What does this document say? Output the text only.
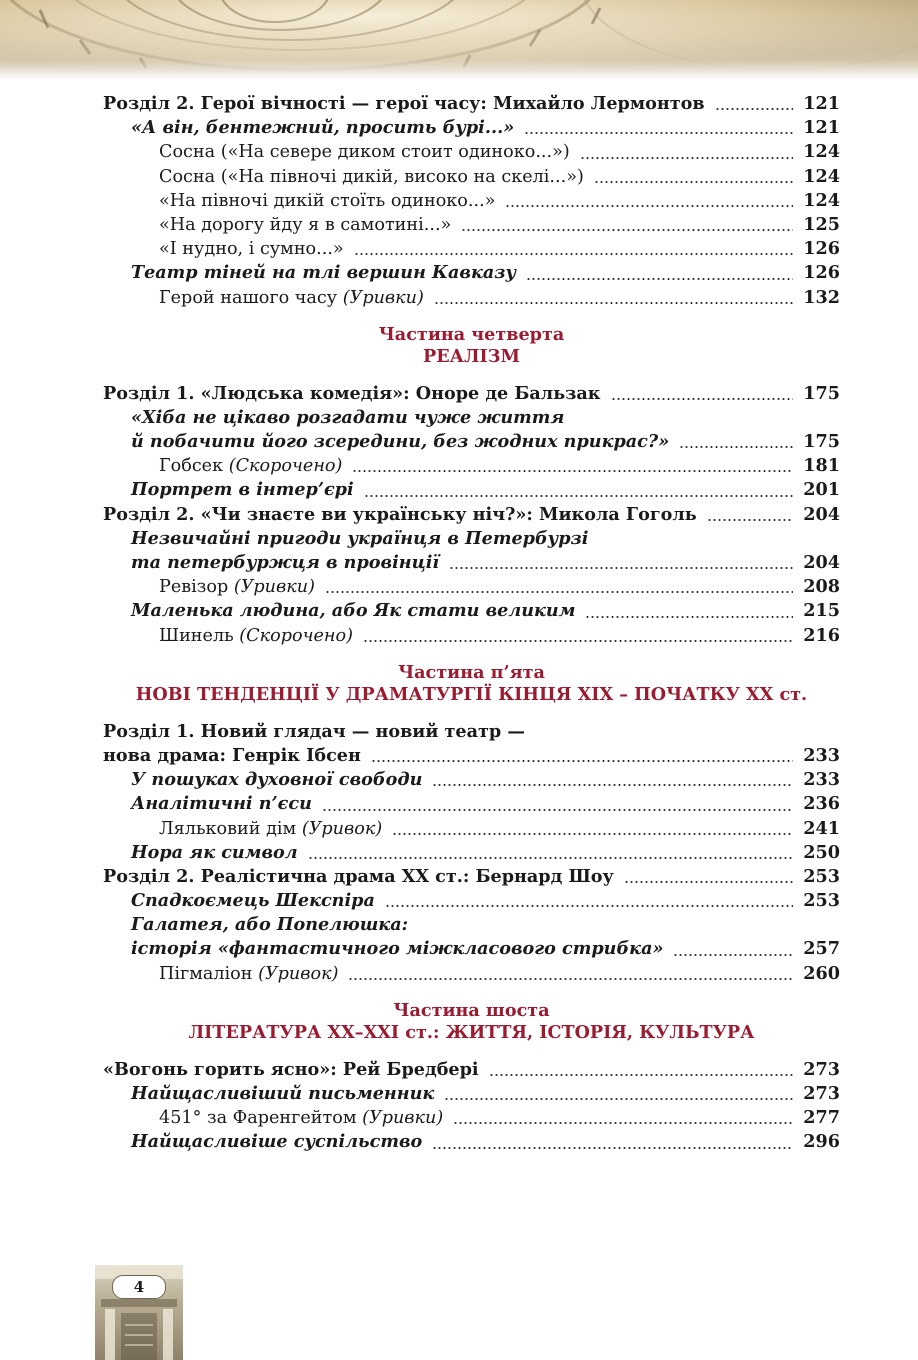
Розділ 2. Герої вічності — герої часу: Михайло Лермонтов	121
«А він, бентежний, просить бурі...»	121
Сосна («На севере диком стоит одиноко...»)	124
Сосна («На півночі дикій, високо на скелі...»)	124
«На півночі дикій стоїть одиноко...»	124
«На дорогу йду я в самотині...»	125
«І нудно, і сумно...»	126
Театр тіней на тлі вершин Кавказу	126
Герой нашого часу (Уривки)	132
Частина четверта
РЕАЛІЗМ
Розділ 1. «Людська комедія»: Оноре де Бальзак	175
«Хіба не цікаво розгадати чуже життя
й побачити його зсередини, без жодних прикрас?»	175
Гобсек (Скорочено)	181
Портрет в інтер’єрі	201
Розділ 2. «Чи знаєте ви українську ніч?»: Микола Гоголь	204
Незвичайні пригоди українця в Петербурзі
та петербуржця в провінції	204
Ревізор (Уривки)	208
Маленька людина, або Як стати великим	215
Шинель (Скорочено)	216
Частина п’ята
НОВІ ТЕНДЕНЦІЇ У ДРАМАТУРГІЇ КІНЦЯ ХІХ – ПОЧАТКУ ХХ ст.
Розділ 1. Новий глядач — новий театр —
нова драма: Генрік Ібсен	233
У пошуках духовної свободи	233
Аналітичні п’єси	236
Ляльковий дім (Уривок)	241
Нора як символ	250
Розділ 2. Реалістична драма ХХ ст.: Бернард Шоу	253
Спадкоємець Шекспіра	253
Галатея, або Попелюшка:
історія «фантастичного міжкласового стрибка»	257
Пігмаліон (Уривок)	260
Частина шоста
ЛІТЕРАТУРА ХХ–ХХІ ст.: ЖИТТЯ, ІСТОРІЯ, КУЛЬТУРА
«Вогонь горить ясно»: Рей Бредбері	273
Найщасливіший письменник	273
451° за Фаренгейтом (Уривки)	277
Найщасливіше суспільство	296
4
